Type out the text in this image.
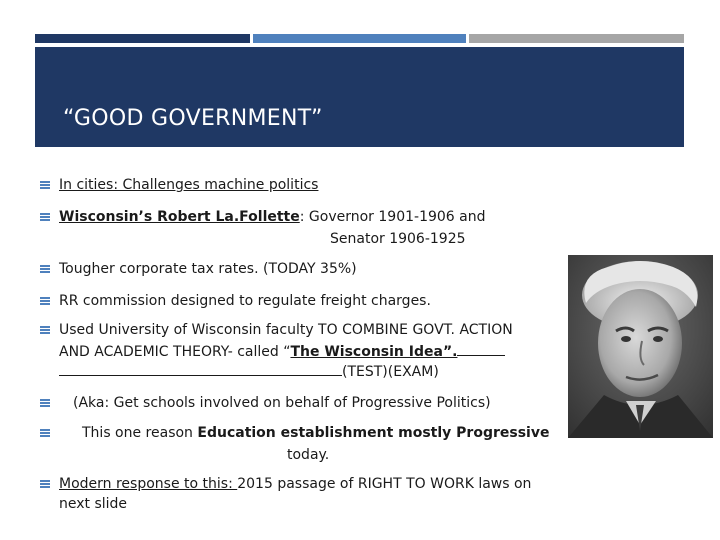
“GOOD GOVERNMENT”
In cities: Challenges machine politics
Wisconsin’s Robert La.Follette: Governor 1901-1906 and
Senator 1906-1925
Tougher corporate tax rates. (TODAY 35%)
RR commission designed to regulate freight charges.
Used University of Wisconsin faculty TO COMBINE GOVT. ACTION
AND ACADEMIC THEORY- called “The Wisconsin Idea”.
(TEST)(EXAM)
(Aka: Get schools involved on behalf of Progressive Politics)
This one reason Education establishment mostly Progressive
today.
Modern response to this: 2015 passage of RIGHT TO WORK laws on
next slide
